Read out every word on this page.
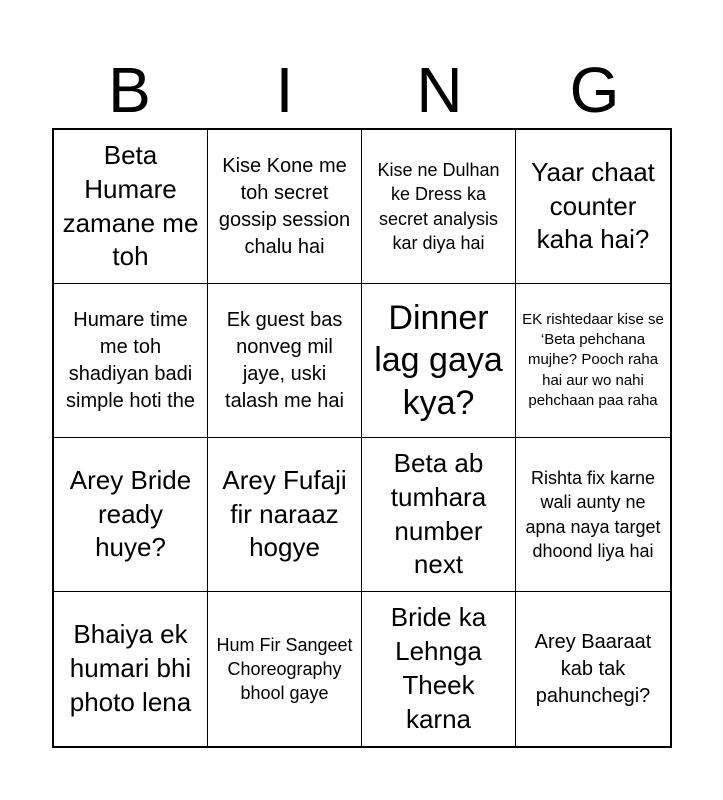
B	I	N	G
Beta Humare zamane me toh
Kise Kone me toh secret gossip session chalu hai
Kise ne Dulhan ke Dress ka secret analysis kar diya hai
Yaar chaat counter kaha hai?
Humare time me toh shadiyan badi simple hoti the
Ek guest bas nonveg mil jaye, uski talash me hai
Dinner lag gaya kya?
EK rishtedaar kise se ‘Beta pehchana mujhe? Pooch raha hai aur wo nahi pehchaan paa raha
Arey Bride ready huye?
Arey Fufaji fir naraaz hogye
Beta ab tumhara number next
Rishta fix karne wali aunty ne apna naya target dhoond liya hai
Bhaiya ek humari bhi photo lena
Hum Fir Sangeet Choreography bhool gaye
Bride ka Lehnga Theek karna
Arey Baaraat kab tak pahunchegi?
